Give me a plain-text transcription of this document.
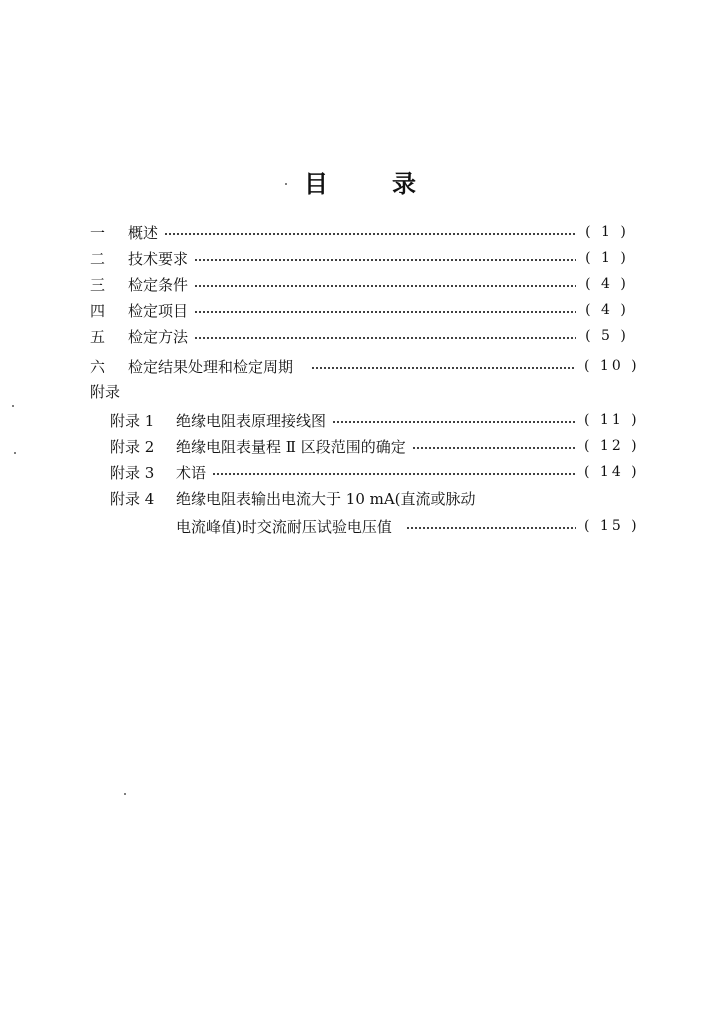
目	录
一	概述	( 1 )
二	技术要求	( 1 )
三	检定条件	( 4 )
四	检定项目	( 4 )
五	检定方法	( 5 )
六	检定结果处理和检定周期	( 10 )
附录
附录 1	绝缘电阻表原理接线图	( 11 )
附录 2	绝缘电阻表量程 Ⅱ 区段范围的确定	( 12 )
附录 3	术语	( 14 )
附录 4	绝缘电阻表输出电流大于 10 mA(直流或脉动
电流峰值)时交流耐压试验电压值	( 15 )
